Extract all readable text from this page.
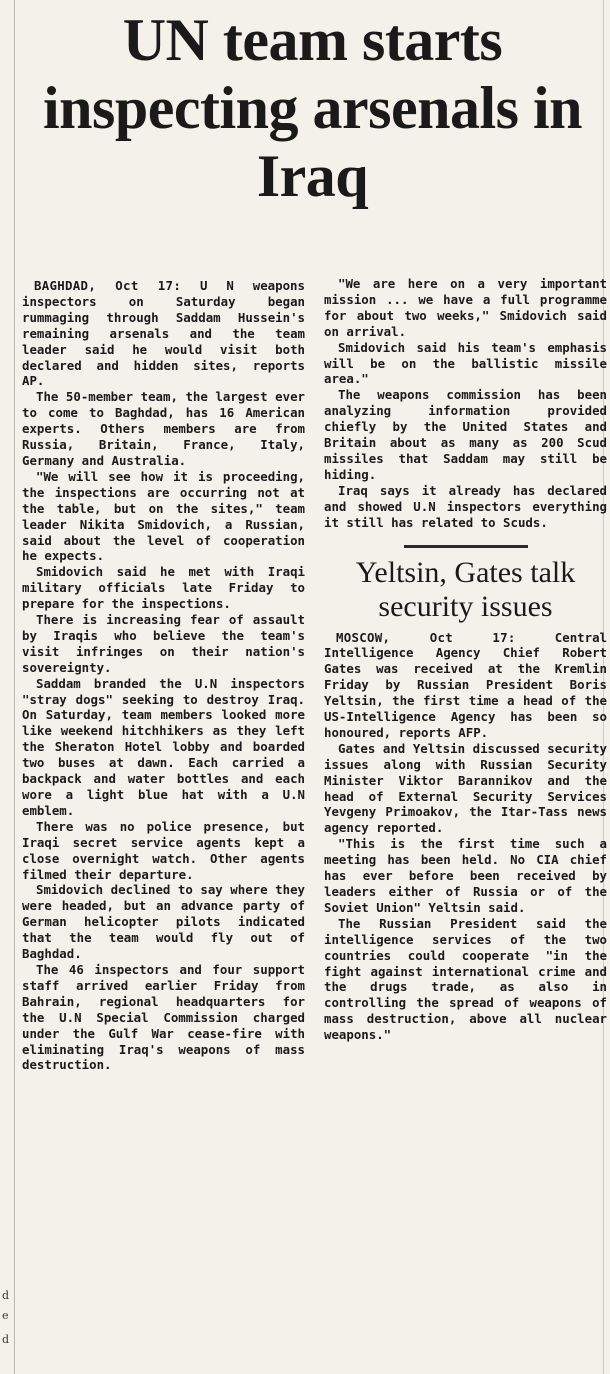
d
e
d
UN team starts inspecting arsenals in Iraq

BAGHDAD, Oct 17: U N weapons inspectors on Saturday began rummaging through Saddam Hussein's remaining arsenals and the team leader said he would visit both declared and hidden sites, reports AP.

The 50-member team, the largest ever to come to Baghdad, has 16 American experts. Others members are from Russia, Britain, France, Italy, Germany and Australia.

"We will see how it is proceeding, the inspections are occurring not at the table, but on the sites," team leader Nikita Smidovich, a Russian, said about the level of cooperation he expects.

Smidovich said he met with Iraqi military officials late Friday to prepare for the inspections.

There is increasing fear of assault by Iraqis who believe the team's visit infringes on their nation's sovereignty.

Saddam branded the U.N inspectors "stray dogs" seeking to destroy Iraq. On Saturday, team members looked more like weekend hitchhikers as they left the Sheraton Hotel lobby and boarded two buses at dawn. Each carried a backpack and water bottles and each wore a light blue hat with a U.N emblem.

There was no police presence, but Iraqi secret service agents kept a close overnight watch. Other agents filmed their departure.

Smidovich declined to say where they were headed, but an advance party of German helicopter pilots indicated that the team would fly out of Baghdad.

The 46 inspectors and four support staff arrived earlier Friday from Bahrain, regional headquarters for the U.N Special Commission charged under the Gulf War cease-fire with eliminating Iraq's weapons of mass destruction.

"We are here on a very important mission ... we have a full programme for about two weeks," Smidovich said on arrival.

Smidovich said his team's emphasis will be on the ballistic missile area."

The weapons commission has been analyzing information provided chiefly by the United States and Britain about as many as 200 Scud missiles that Saddam may still be hiding.

Iraq says it already has declared and showed U.N inspectors everything it still has related to Scuds.

Yeltsin, Gates talk security issues

MOSCOW, Oct 17:	Central Intelligence Agency Chief Robert Gates was received at the Kremlin Friday by Russian President Boris Yeltsin, the first time a head of the US-Intelligence Agency has been so honoured, reports AFP.

Gates and Yeltsin discussed security issues along with Russian Security Minister Viktor Barannikov and the head of External Security Services Yevgeny Primoakov, the Itar-Tass news agency reported.

"This is the first time such a meeting has been held. No CIA chief has ever before been received by leaders either of Russia or of the Soviet Union" Yeltsin said.

The Russian President said the intelligence services of the two countries could cooperate "in the fight against international crime and the drugs trade, as also in controlling the spread of weapons of mass destruction, above all nuclear weapons."
